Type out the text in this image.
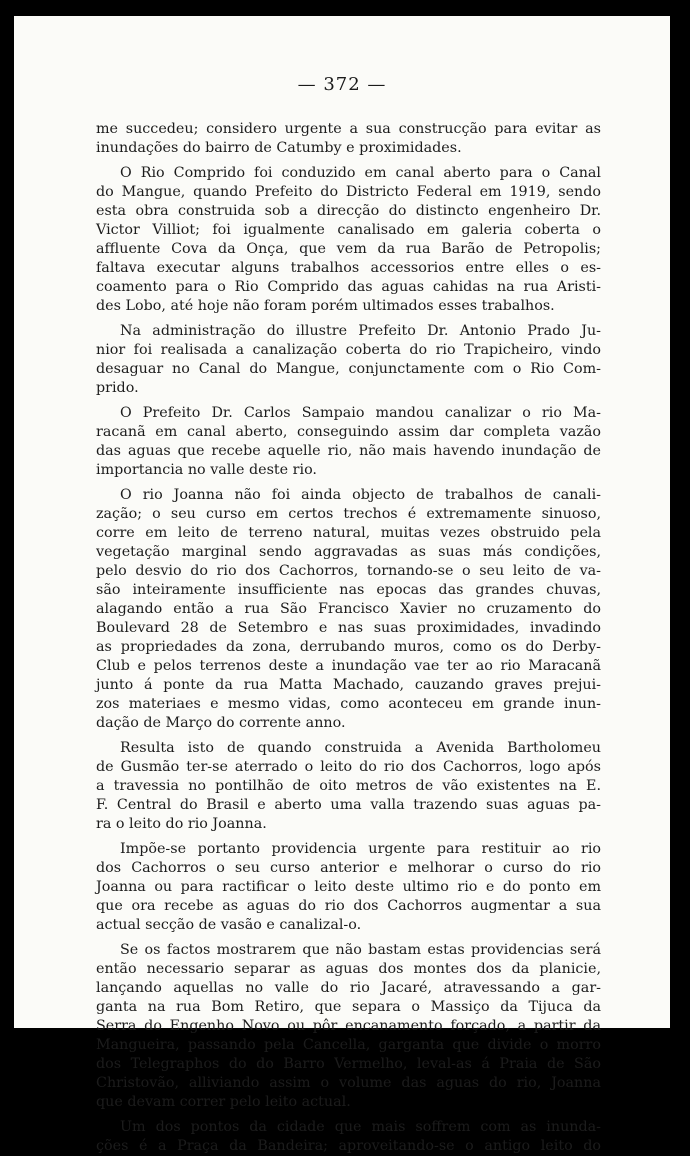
— 372 —
me succedeu; considero urgente a sua construcção para evitar as
inundações do bairro de Catumby e proximidades.
O Rio Comprido foi conduzido em canal aberto para o Canal
do Mangue, quando Prefeito do Districto Federal em 1919, sendo
esta obra construida sob a direcção do distincto engenheiro Dr.
Victor Villiot; foi igualmente canalisado em galeria coberta o
affluente Cova da Onça, que vem da rua Barão de Petropolis;
faltava executar alguns trabalhos accessorios entre elles o es-
coamento para o Rio Comprido das aguas cahidas na rua Aristi-
des Lobo, até hoje não foram porém ultimados esses trabalhos.
Na administração do illustre Prefeito Dr. Antonio Prado Ju-
nior foi realisada a canalização coberta do rio Trapicheiro, vindo
desaguar no Canal do Mangue, conjunctamente com o Rio Com-
prido.
O Prefeito Dr. Carlos Sampaio mandou canalizar o rio Ma-
racanã em canal aberto, conseguindo assim dar completa vazão
das aguas que recebe aquelle rio, não mais havendo inundação de
importancia no valle deste rio.
O rio Joanna não foi ainda objecto de trabalhos de canali-
zação; o seu curso em certos trechos é extremamente sinuoso,
corre em leito de terreno natural, muitas vezes obstruido pela
vegetação marginal sendo aggravadas as suas más condições,
pelo desvio do rio dos Cachorros, tornando-se o seu leito de va-
são inteiramente insufficiente nas epocas das grandes chuvas,
alagando então a rua São Francisco Xavier no cruzamento do
Boulevard 28 de Setembro e nas suas proximidades, invadindo
as propriedades da zona, derrubando muros, como os do Derby-
Club e pelos terrenos deste a inundação vae ter ao rio Maracanã
junto á ponte da rua Matta Machado, cauzando graves prejui-
zos materiaes e mesmo vidas, como aconteceu em grande inun-
dação de Março do corrente anno.
Resulta isto de quando construida a Avenida Bartholomeu
de Gusmão ter-se aterrado o leito do rio dos Cachorros, logo após
a travessia no pontilhão de oito metros de vão existentes na E.
F. Central do Brasil e aberto uma valla trazendo suas aguas pa-
ra o leito do rio Joanna.
Impõe-se portanto providencia urgente para restituir ao rio
dos Cachorros o seu curso anterior e melhorar o curso do rio
Joanna ou para ractificar o leito deste ultimo rio e do ponto em
que ora recebe as aguas do rio dos Cachorros augmentar a sua
actual secção de vasão e canalizal-o.
Se os factos mostrarem que não bastam estas providencias será
então necessario separar as aguas dos montes dos da planicie,
lançando aquellas no valle do rio Jacaré, atravessando a gar-
ganta na rua Bom Retiro, que separa o Massiço da Tijuca da
Serra do Engenho Novo ou pôr encanamento forçado, a partir da
Mangueira, passando pela Cancella, garganta que divide o morro
dos Telegraphos do do Barro Vermelho, leval-as á Praia de São
Christovão, alliviando assim o volume das aguas do rio, Joanna
que devam correr pelo leito actual.
Um dos pontos da cidade que mais soffrem com as inunda-
ções é a Praça da Bandeira; aproveitando-se o antigo leito do
